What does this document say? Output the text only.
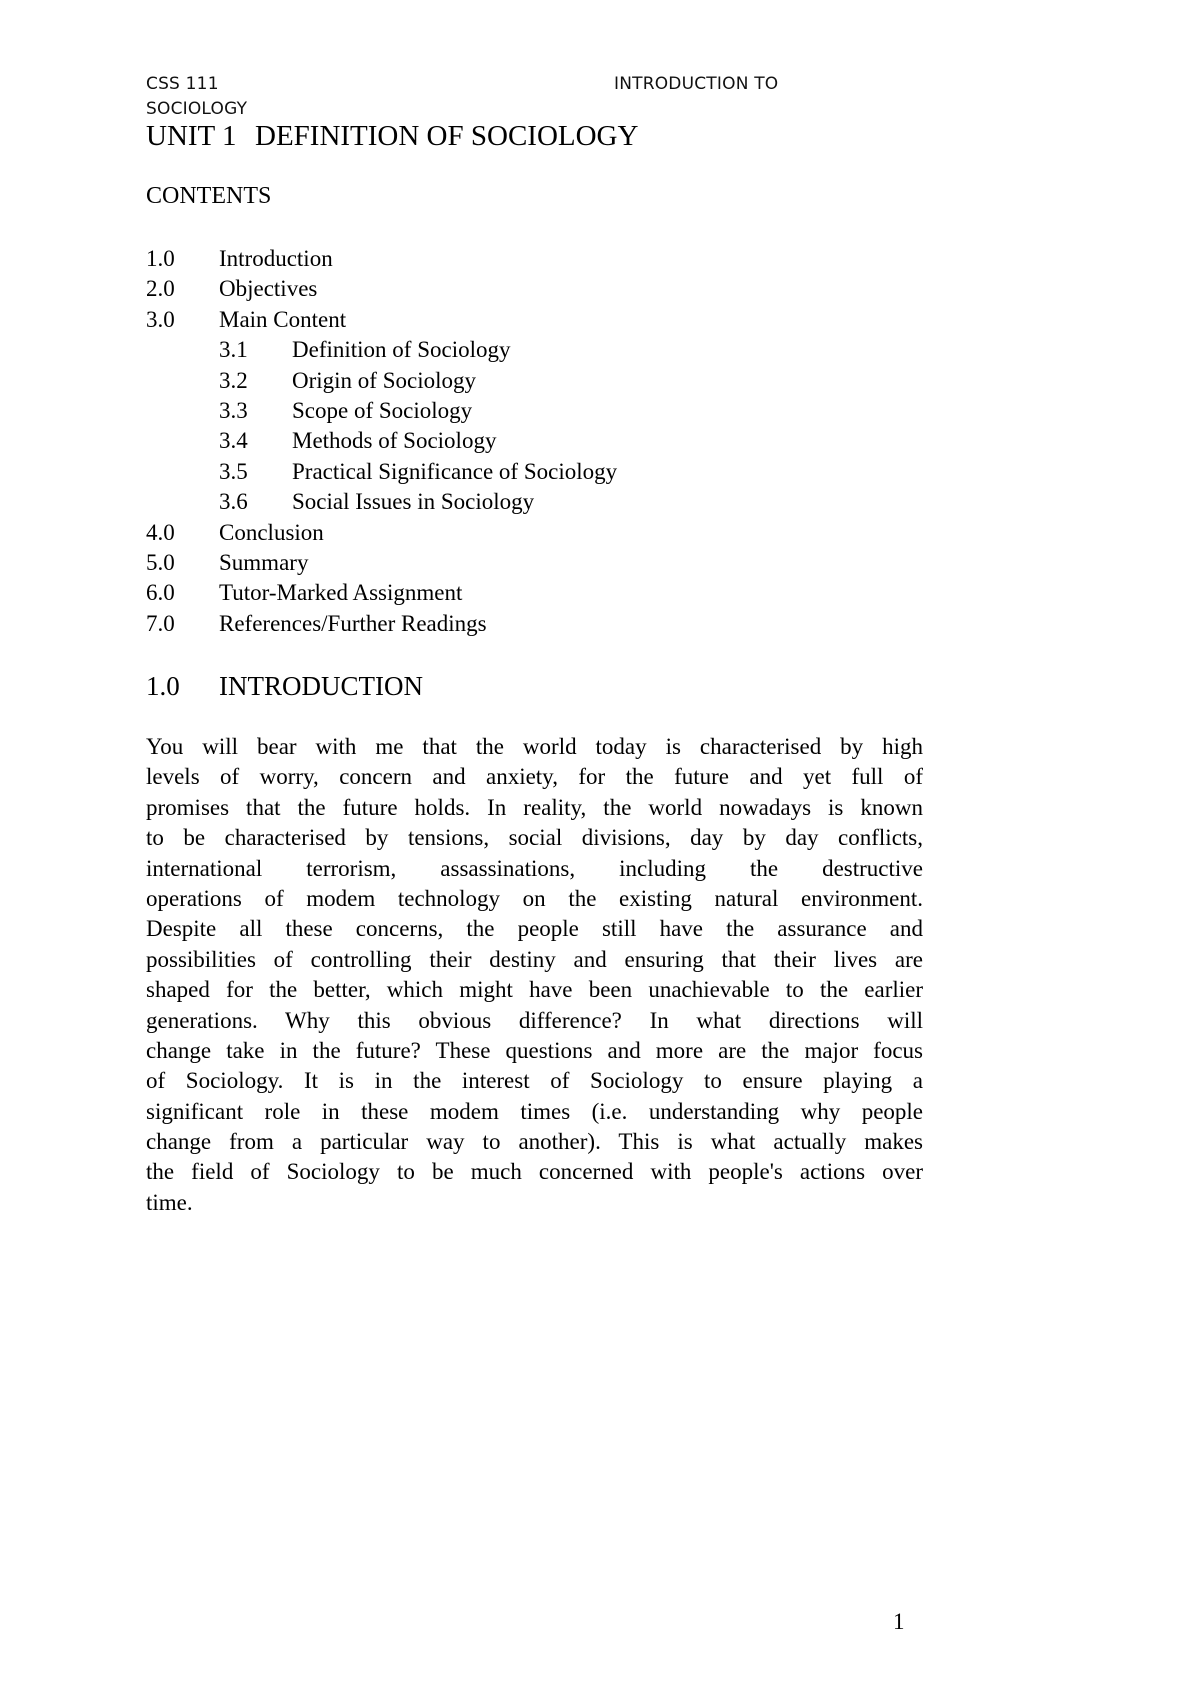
CSS 111	INTRODUCTION TO
SOCIOLOGY
UNIT 1 DEFINITION OF SOCIOLOGY
CONTENTS
1.0 Introduction
2.0 Objectives
3.0 Main Content
3.1 Definition of Sociology
3.2 Origin of Sociology
3.3 Scope of Sociology
3.4 Methods of Sociology
3.5 Practical Significance of Sociology
3.6 Social Issues in Sociology
4.0 Conclusion
5.0 Summary
6.0 Tutor-Marked Assignment
7.0 References/Further Readings
1.0 INTRODUCTION
You will bear with me that the world today is characterised by high
levels of worry, concern and anxiety, for the future and yet full of
promises that the future holds. In reality, the world nowadays is known
to be characterised by tensions, social divisions, day by day conflicts,
international terrorism, assassinations, including the destructive
operations of modem technology on the existing natural environment.
Despite all these concerns, the people still have the assurance and
possibilities of controlling their destiny and ensuring that their lives are
shaped for the better, which might have been unachievable to the earlier
generations. Why this obvious difference? In what directions will
change take in the future? These questions and more are the major focus
of Sociology. It is in the interest of Sociology to ensure playing a
significant role in these modem times (i.e. understanding why people
change from a particular way to another). This is what actually makes
the field of Sociology to be much concerned with people's actions over
time.
1
